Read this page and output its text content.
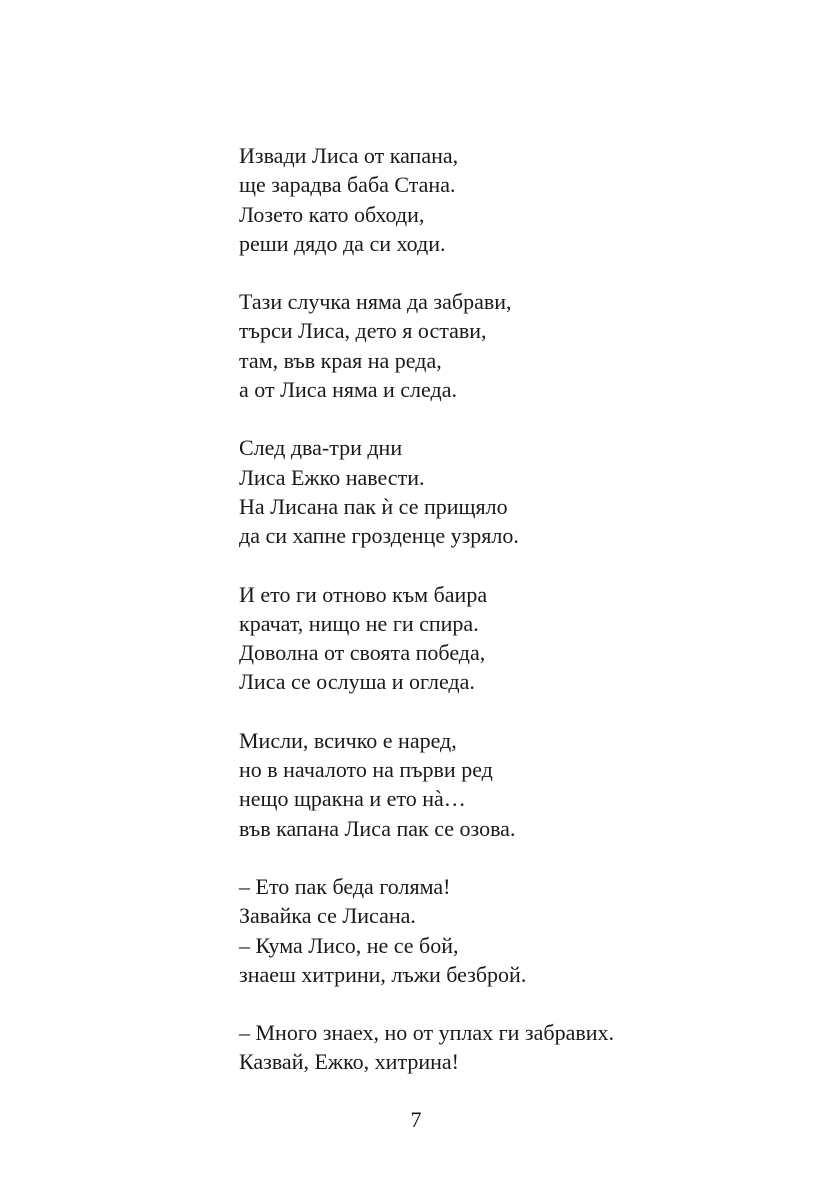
Извади Лиса от капана,
ще зарадва баба Стана.
Лозето като обходи,
реши дядо да си ходи.
Тази случка няма да забрави,
търси Лиса, дето я остави,
там, във края на реда,
а от Лиса няма и следа.
След два-три дни
Лиса Ежко навести.
На Лисана пак ѝ се прищяло
да си хапне грозденце узряло.
И ето ги отново към баира
крачат, нищо не ги спира.
Доволна от своята победа,
Лиса се ослуша и огледа.
Мисли, всичко е наред,
но в началото на първи ред
нещо щракна и ето нà…
във капана Лиса пак се озова.
– Ето пак беда голяма!
Завайка се Лисана.
– Кума Лисо, не се бой,
знаеш хитрини, лъжи безброй.
– Много знаех, но от уплах ги забравих.
Казвай, Ежко, хитрина!
7
